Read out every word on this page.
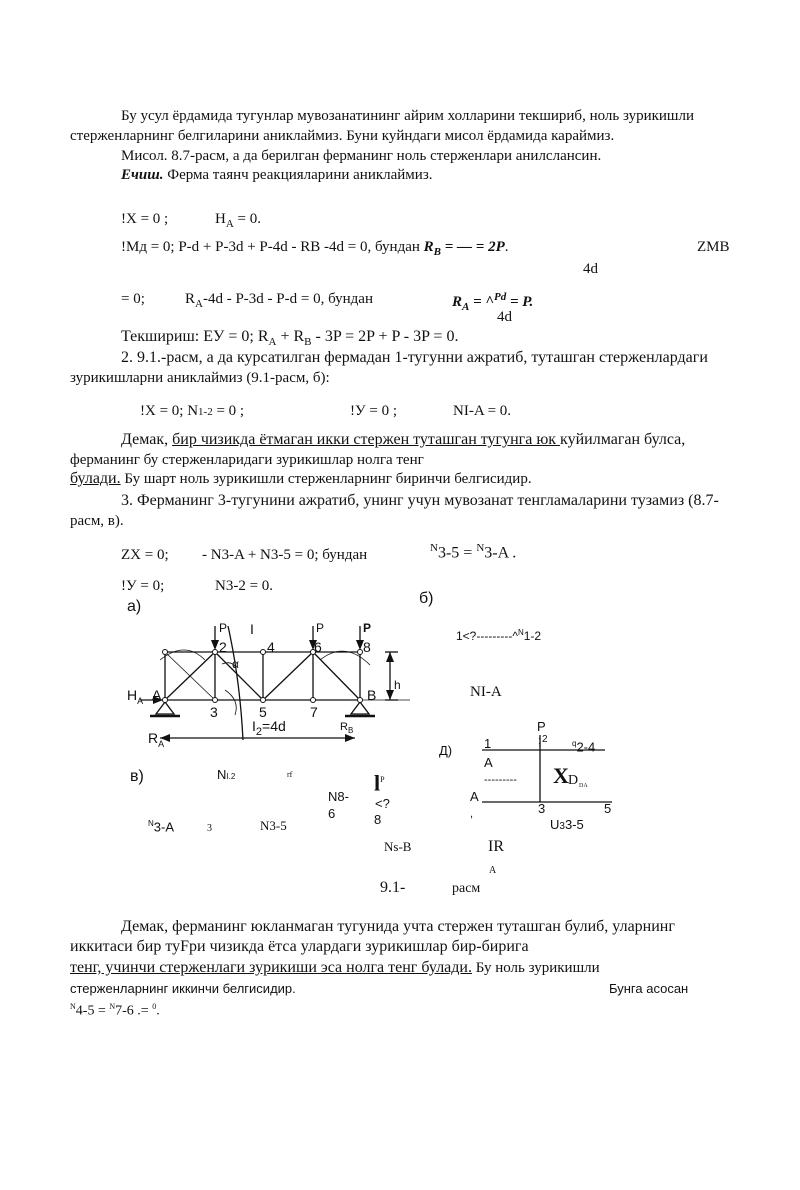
Бу усул ёрдамида тугунлар мувозанатининг айрим холларини текшириб, ноль зурикишли
стерженларнинг белгиларини аниклаймиз. Буни куйндаги мисол ёрдамида караймиз.
Мисол. 8.7-расм, а да берилган ферманинг ноль стерженлари анилслансин.
Ечиш. Ферма таянч реакцияларини аниклаймиз.
!X = 0 ;	$H_A = 0$.
!Mд = 0; P-d + P-3d + P-4d - RB -4d = 0, бундан $R_B$ = — = 2P.	ZMB
4d
= 0;	$R_A-4d - P-3d - P-d = 0$, бундан	$R_A$ = ^$^{Pd}$ = P.
4d
Текшириш: ЕУ = 0; $R_A + R_B - 3P = 2P + P - 3P = 0$.
2. 9.1.-расм, а да курсатилган фермадан 1-тугунни ажратиб, туташган стерженлардаги
зурикишларни аниклаймиз (9.1-расм, б):
!X = 0; N1-2 = 0 ;	!У = 0 ;	NI-A = 0.
Демак, бир чизикда ётмаган икки стержен туташган тугунга юк куйилмаган булса,
ферманинг бу стерженларидаги зурикишлар нолга тенг
булади. Бу шарт ноль зурикишли стерженларнинг биринчи белгисидир.
3. Ферманинг 3-тугунини ажратиб, унинг учун мувозанат тенгламаларини тузамиз (8.7-
расм, в).
ZX = 0; - N3-A + N3-5 = 0; бундан	$^N$3-5 = $^N$3-A .
!У = 0;	N3-2 = 0.
а)	б)
P I	P	P
2	4	6	8
α
h
$H_A$ A	B
3	5	7
$R_B$
$R_A$
$I_2=4d$
1<?---------^$^N$1-2
NI-A
Д)
P
; 2
1	$^q$2-4
A
--------- X D DA
A
3	5
,
U33-5
IR
A
в)	NI.2	rf	$l^P$
N8-
6
<?
8
$^N$3-A	3	N3-5
Ns-B
9.1-	расм
Демак, ферманинг юкланмаган тугунида учта стержен туташган булиб, уларнинг
иккитаси бир туFри чизикда ётса улардаги зурикишлар бир-бирига
тенг, учинчи стерженлаги зурикиши эса нолга тенг булади. Бу ноль зурикишли
стерженларнинг иккинчи белгисидир.	Бунга асосан
$^N$4-5 = $^N$7-6 .= $^0$.
